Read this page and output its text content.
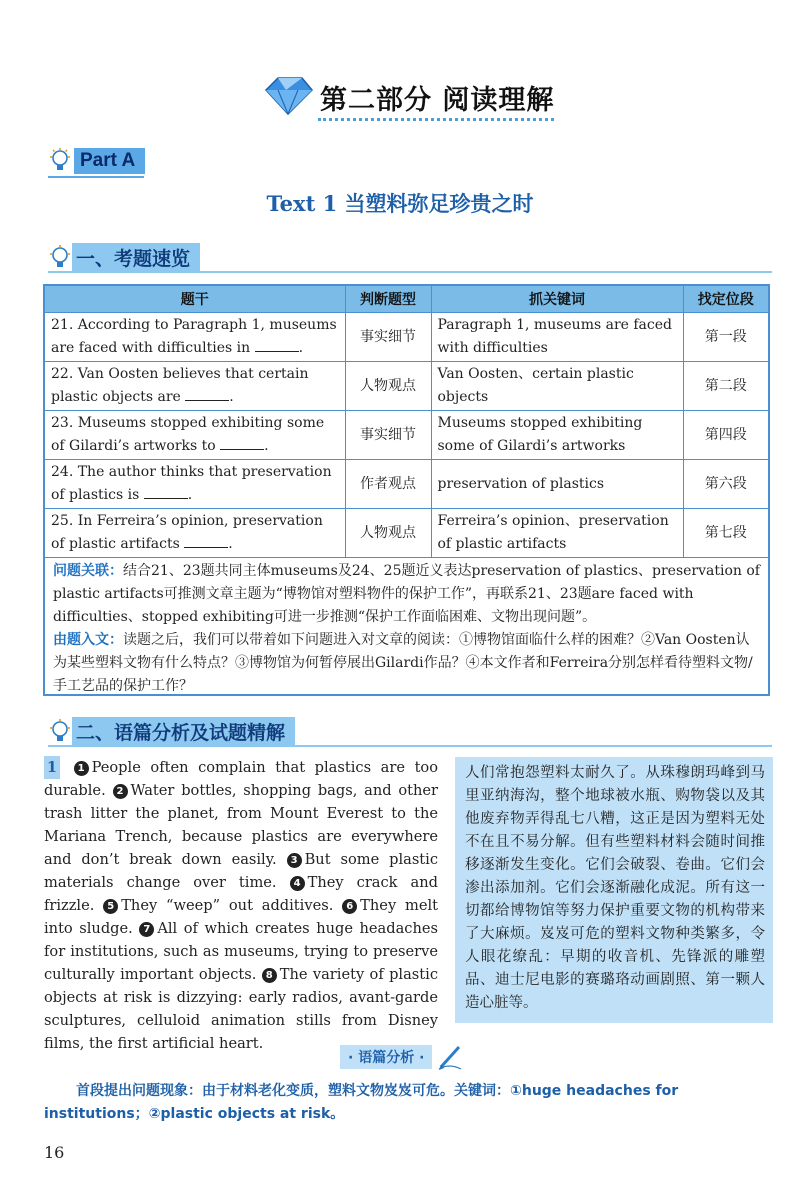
第二部分 阅读理解
Part A
Text 1 当塑料弥足珍贵之时
一、考题速览
题干	判断题型	抓关键词	找定位段
21. According to Paragraph 1, museums are faced with difficulties in .	事实细节	Paragraph 1, museums are faced with difficulties	第一段
22. Van Oosten believes that certain plastic objects are .	人物观点	Van Oosten、certain plastic objects	第二段
23. Museums stopped exhibiting some of Gilardi’s artworks to .	事实细节	Museums stopped exhibiting some of Gilardi’s artworks	第四段
24. The author thinks that preservation of plastics is .	作者观点	preservation of plastics	第六段
25. In Ferreira’s opinion, preservation of plastic artifacts .	人物观点	Ferreira’s opinion、preservation of plastic artifacts	第七段
问题关联：结合21、23题共同主体museums及24、25题近义表达preservation of plastics、preservation of plastic artifacts可推测文章主题为“博物馆对塑料物件的保护工作”，再联系21、23题are faced with difficulties、stopped exhibiting可进一步推测“保护工作面临困难、文物出现问题”。
由题入文：读题之后，我们可以带着如下问题进入对文章的阅读：①博物馆面临什么样的困难？②Van Oosten认为某些塑料文物有什么特点？③博物馆为何暂停展出Gilardi作品？④本文作者和Ferreira分别怎样看待塑料文物/手工艺品的保护工作？
二、语篇分析及试题精解
1 1 People often complain that plastics are too durable. 2 Water bottles, shopping bags, and other trash litter the planet, from Mount Everest to the Mariana Trench, because plastics are everywhere and don’t break down easily. 3 But some plastic materials change over time. 4 They crack and frizzle. 5 They “weep” out additives. 6 They melt into sludge. 7 All of which creates huge headaches for institutions, such as museums, trying to preserve culturally important objects. 8 The variety of plastic objects at risk is dizzying: early radios, avant-garde sculptures, celluloid animation stills from Disney films, the first artificial heart.
人们常抱怨塑料太耐久了。从珠穆朗玛峰到马里亚纳海沟，整个地球被水瓶、购物袋以及其他废弃物弄得乱七八糟，这正是因为塑料无处不在且不易分解。但有些塑料材料会随时间推移逐渐发生变化。它们会破裂、卷曲。它们会渗出添加剂。它们会逐渐融化成泥。所有这一切都给博物馆等努力保护重要文物的机构带来了大麻烦。岌岌可危的塑料文物种类繁多，令人眼花缭乱：早期的收音机、先锋派的雕塑品、迪士尼电影的赛璐珞动画剧照、第一颗人造心脏等。
· 语篇分析 ·
首段提出问题现象：由于材料老化变质，塑料文物岌岌可危。关键词：①huge headaches for institutions；②plastic objects at risk。
16
